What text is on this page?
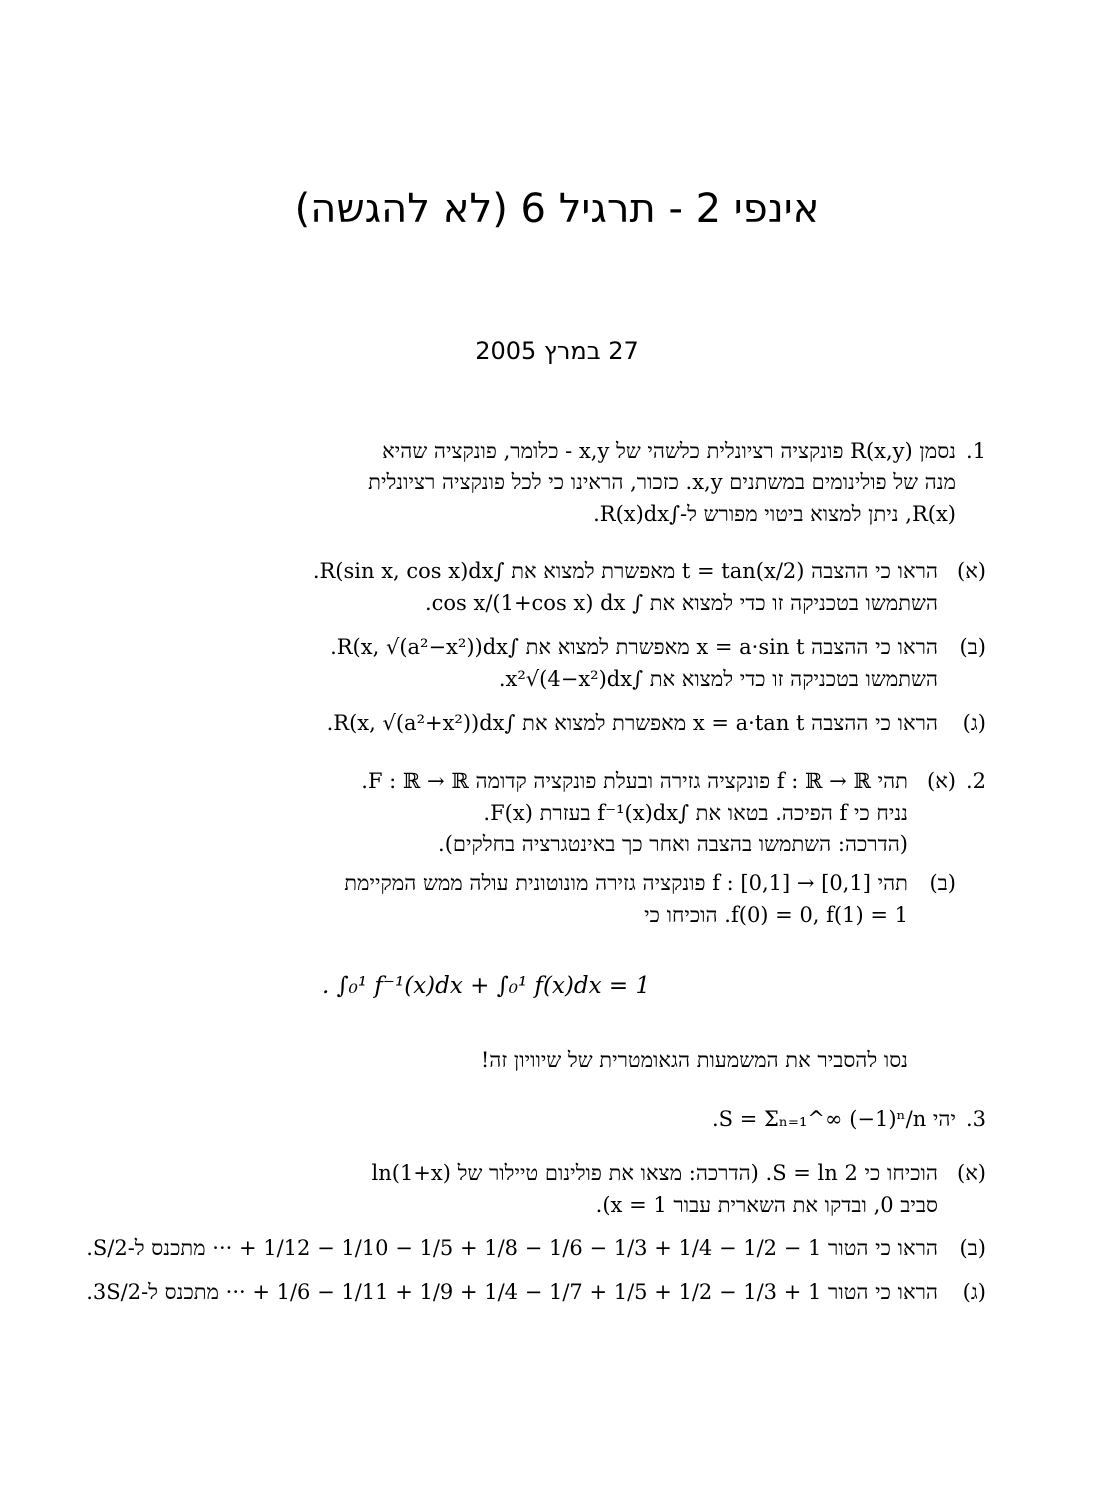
אינפי 2 - תרגיל 6 (לא להגשה)
27 במרץ 2005
1.
נסמן R(x,y) פונקציה רציונלית כלשהי של x,y - כלומר, פונקציה שהיא
מנה של פולינומים במשתנים x,y. כזכור, הראינו כי לכל פונקציה רציונלית
R(x), ניתן למצוא ביטוי מפורש ל-∫R(x)dx.
(א)
הראו כי ההצבה t = tan(x/2) מאפשרת למצוא את ∫R(sin x, cos x)dx.
השתמשו בטכניקה זו כדי למצוא את ∫ cos x/(1+cos x) dx.
(ב)
הראו כי ההצבה x = a·sin t מאפשרת למצוא את ∫R(x, √(a²−x²))dx.
השתמשו בטכניקה זו כדי למצוא את ∫x²√(4−x²)dx.
(ג)
הראו כי ההצבה x = a·tan t מאפשרת למצוא את ∫R(x, √(a²+x²))dx.
2.
(א)
תהי f : ℝ → ℝ פונקציה גזירה ובעלת פונקציה קדומה F : ℝ → ℝ.
נניח כי f הפיכה. בטאו את ∫f⁻¹(x)dx בעזרת F(x).
(הדרכה: השתמשו בהצבה ואחר כך באינטגרציה בחלקים).
(ב)
תהי f : [0,1] → [0,1] פונקציה גזירה מונוטונית עולה ממש המקיימת
f(0) = 0, f(1) = 1. הוכיחו כי
. ∫₀¹ f⁻¹(x)dx + ∫₀¹ f(x)dx = 1
נסו להסביר את המשמעות הגאומטרית של שיוויון זה!
3.
יהי S = Σₙ₌₁^∞ (−1)ⁿ/n.
(א)
הוכיחו כי S = ln 2. (הדרכה: מצאו את פולינום טיילור של ln(1+x)
סביב 0, ובדקו את השארית עבור x = 1).
(ב)
הראו כי הטור 1 − 1/2 − 1/4 + 1/3 − 1/6 − 1/8 + 1/5 − 1/10 − 1/12 + ··· מתכנס ל-S/2.
(ג)
הראו כי הטור 1 + 1/3 − 1/2 + 1/5 + 1/7 − 1/4 + 1/9 + 1/11 − 1/6 + ··· מתכנס ל-3S/2.
